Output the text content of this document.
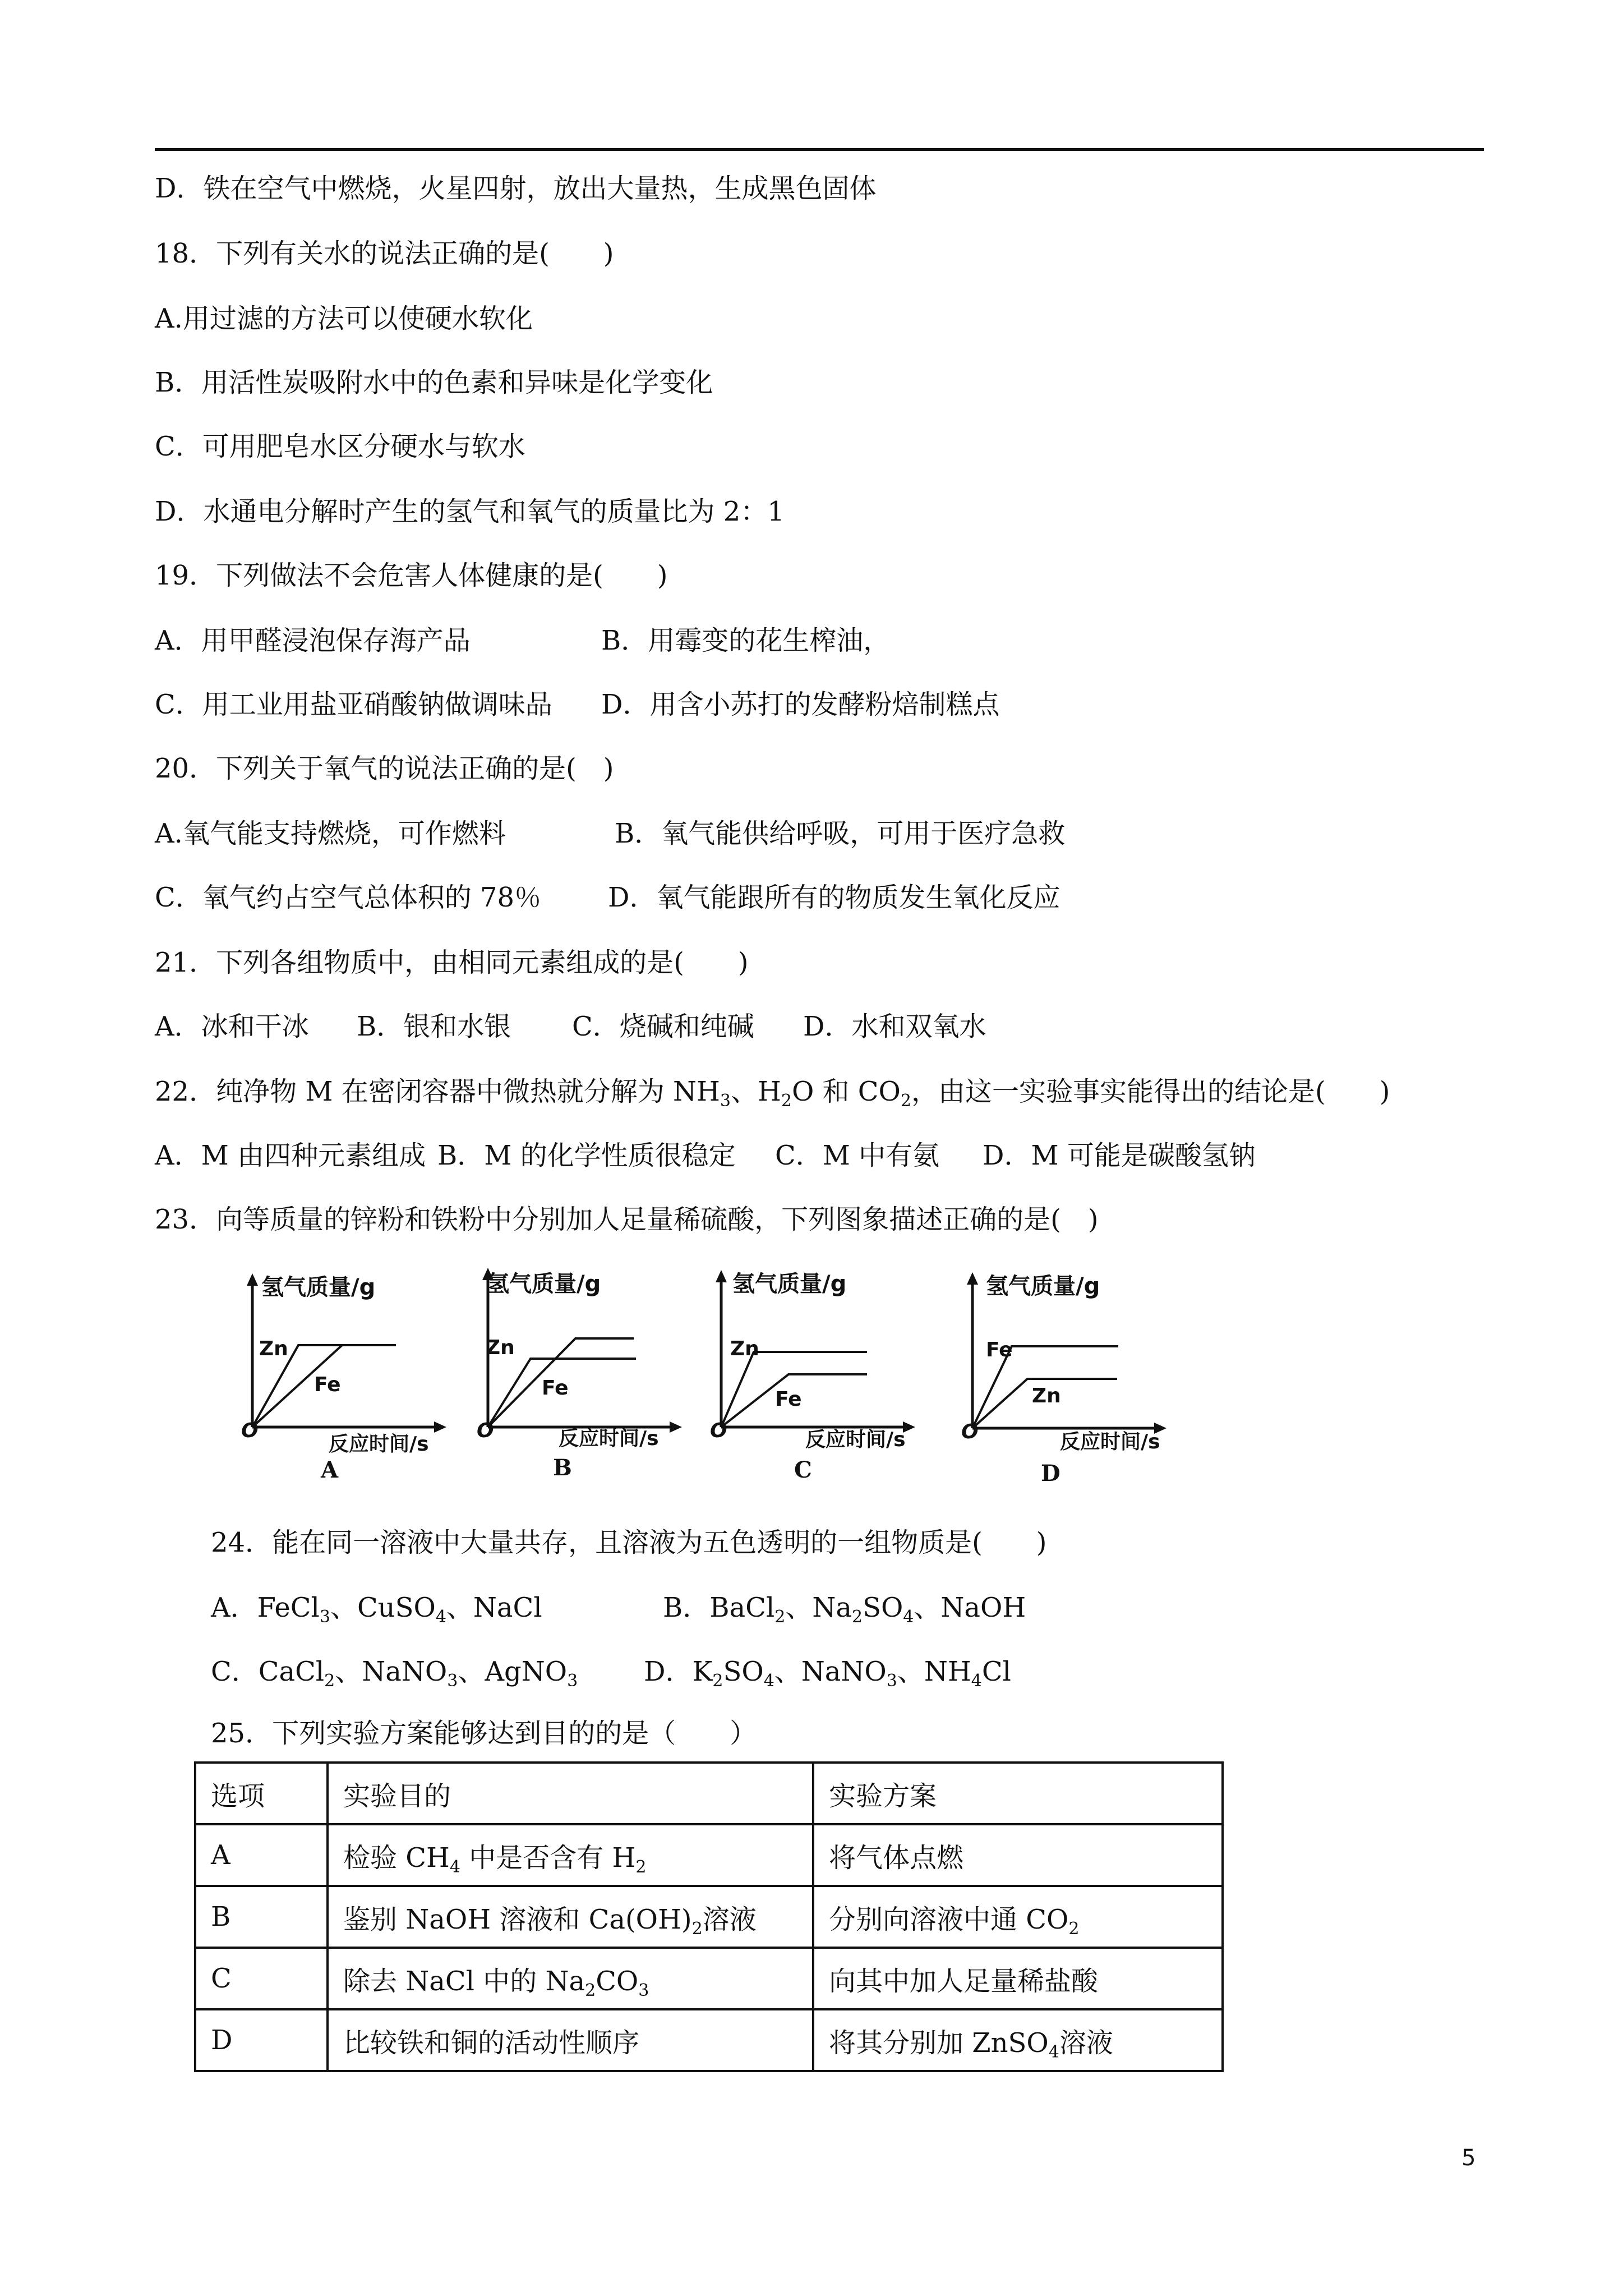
D．铁在空气中燃烧，火星四射，放出大量热，生成黑色固体
18．下列有关水的说法正确的是(　　)
A.用过滤的方法可以使硬水软化
B．用活性炭吸附水中的色素和异味是化学变化
C．可用肥皂水区分硬水与软水
D．水通电分解时产生的氢气和氧气的质量比为 2：1
19．下列做法不会危害人体健康的是(　　)
A．用甲醛浸泡保存海产品	B．用霉变的花生榨油，
C．用工业用盐亚硝酸钠做调味品 D．用含小苏打的发酵粉焙制糕点
20．下列关于氧气的说法正确的是(　)
A.氧气能支持燃烧，可作燃料	B．氧气能供给呼吸，可用于医疗急救
C．氧气约占空气总体积的 78％ D．氧气能跟所有的物质发生氧化反应
21．下列各组物质中，由相同元素组成的是(　　)
A．冰和干冰 B．银和水银 C．烧碱和纯碱 D．水和双氧水
22．纯净物 M 在密闭容器中微热就分解为 $NH_3$、$H_2O$ 和 $CO_2$，由这一实验事实能得出的结论是(　　)
A．M 由四种元素组成 B．M 的化学性质很稳定 C．M 中有氨 D．M 可能是碳酸氢钠
23．向等质量的锌粉和铁粉中分别加人足量稀硫酸，下列图象描述正确的是(　)
氢气质量/g
Zn
Fe
O
反应时间/s
A
氢气质量/g
Zn
Fe
O	反应时间/s
B
氢气质量/g
Zn
Fe
O	反应时间/s
C
氢气质量/g
Fe
Zn
O	反应时间/s
D
24．能在同一溶液中大量共存，且溶液为五色透明的一组物质是(　　)
A．FeCl$_3$、CuSO$_4$、NaCl	B．BaCl$_2$、$Na_2SO_4$、NaOH
C．CaCl$_2$、NaNO$_3$、AgNO$_3$ D．$K_2SO_4$、NaNO$_3$、$NH_4Cl$
25．下列实验方案能够达到目的的是（　　）
选项	实验目的	实验方案
A	检验 $CH_4$ 中是否含有 $H_2$	将气体点燃
B	鉴别 NaOH 溶液和 $Ca(OH)_2$溶液	分别向溶液中通 $CO_2$
C	除去 NaCl 中的 $Na_2CO_3$	向其中加人足量稀盐酸
D	比较铁和铜的活动性顺序	将其分别加 ZnSO$_4$溶液
5
